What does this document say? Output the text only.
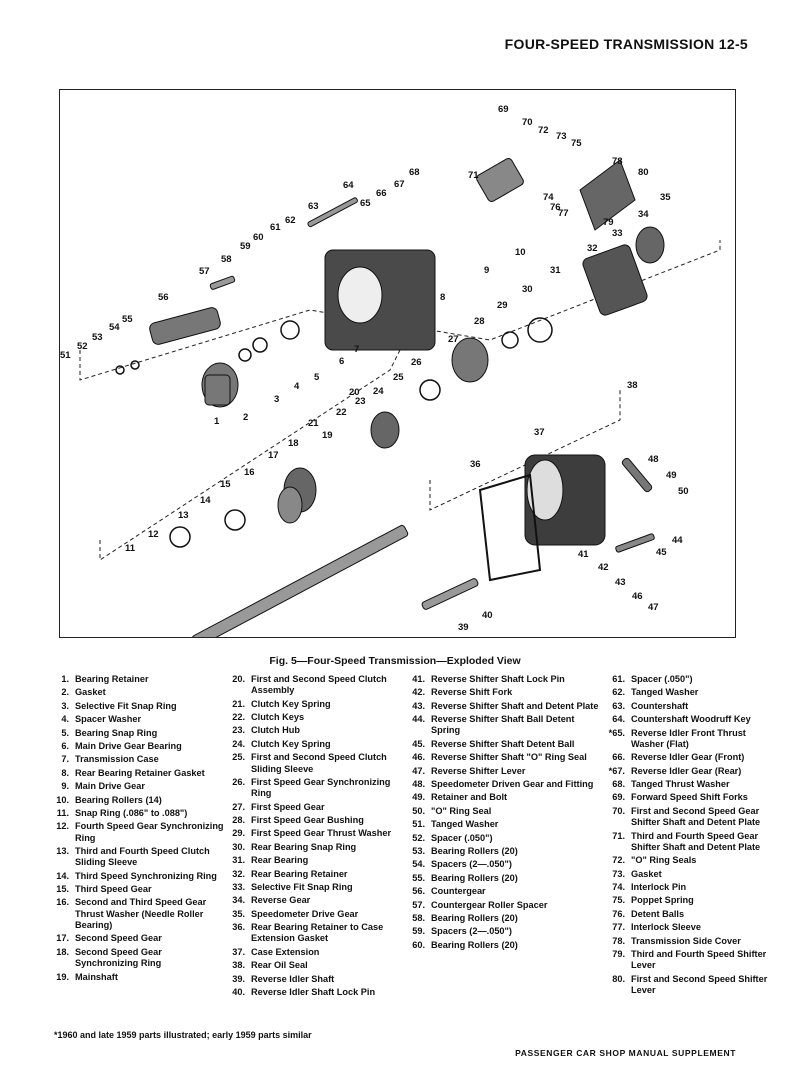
FOUR-SPEED TRANSMISSION 12-5
69
70
72
73
75
78
80
35
34
33
32
31
30
29
28
27
26
25
24
20
23
22
19
21
18
17
16
15
14
13
12
11
1 2
3
4
5
6
7
8
9
10
71
74
76
77
79
64
66
67
68
65
63
62
61
60
59
58
57
56
55
54
53
52
51
38
37
36	48
49
50
44
45
41
42
43
46
47
40
39
Fig. 5—Four-Speed Transmission—Exploded View
1. Bearing Retainer
2. Gasket
3. Selective Fit Snap Ring
4. Spacer Washer
5. Bearing Snap Ring
6. Main Drive Gear Bearing
7. Transmission Case
8. Rear Bearing Retainer Gasket
9. Main Drive Gear
10. Bearing Rollers (14)
11. Snap Ring (.086" to .088")
12. Fourth Speed Gear Synchronizing Ring
13. Third and Fourth Speed Clutch Sliding Sleeve
14. Third Speed Synchronizing Ring
15. Third Speed Gear
16. Second and Third Speed Gear Thrust Washer (Needle Roller Bearing)
17. Second Speed Gear
18. Second Speed Gear Synchronizing Ring
19. Mainshaft
20. First and Second Speed Clutch Assembly
21. Clutch Key Spring
22. Clutch Keys
23. Clutch Hub
24. Clutch Key Spring
25. First and Second Speed Clutch Sliding Sleeve
26. First Speed Gear Synchronizing Ring
27. First Speed Gear
28. First Speed Gear Bushing
29. First Speed Gear Thrust Washer
30. Rear Bearing Snap Ring
31. Rear Bearing
32. Rear Bearing Retainer
33. Selective Fit Snap Ring
34. Reverse Gear
35. Speedometer Drive Gear
36. Rear Bearing Retainer to Case Extension Gasket
37. Case Extension
38. Rear Oil Seal
39. Reverse Idler Shaft
40. Reverse Idler Shaft Lock Pin
41. Reverse Shifter Shaft Lock Pin
42. Reverse Shift Fork
43. Reverse Shifter Shaft and Detent Plate
44. Reverse Shifter Shaft Ball Detent Spring
45. Reverse Shifter Shaft Detent Ball
46. Reverse Shifter Shaft "O" Ring Seal
47. Reverse Shifter Lever
48. Speedometer Driven Gear and Fitting
49. Retainer and Bolt
50. "O" Ring Seal
51. Tanged Washer
52. Spacer (.050")
53. Bearing Rollers (20)
54. Spacers (2—.050")
55. Bearing Rollers (20)
56. Countergear
57. Countergear Roller Spacer
58. Bearing Rollers (20)
59. Spacers (2—.050")
60. Bearing Rollers (20)
61. Spacer (.050")
62. Tanged Washer
63. Countershaft
64. Countershaft Woodruff Key
*65. Reverse Idler Front Thrust Washer (Flat)
66. Reverse Idler Gear (Front)
*67. Reverse Idler Gear (Rear)
68. Tanged Thrust Washer
69. Forward Speed Shift Forks
70. First and Second Speed Gear Shifter Shaft and Detent Plate
71. Third and Fourth Speed Gear Shifter Shaft and Detent Plate
72. "O" Ring Seals
73. Gasket
74. Interlock Pin
75. Poppet Spring
76. Detent Balls
77. Interlock Sleeve
78. Transmission Side Cover
79. Third and Fourth Speed Shifter Lever
80. First and Second Speed Shifter Lever
*1960 and late 1959 parts illustrated; early 1959 parts similar
PASSENGER CAR SHOP MANUAL SUPPLEMENT
